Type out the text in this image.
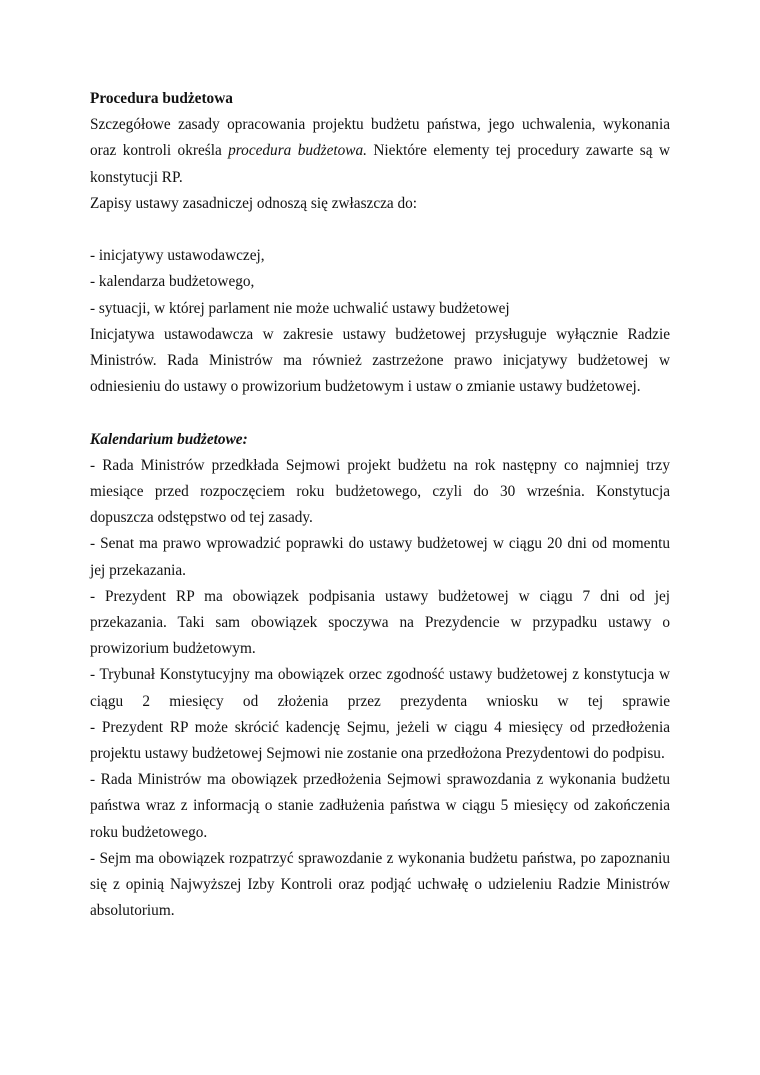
Procedura budżetowa

Szczegółowe zasady opracowania projektu budżetu państwa, jego uchwalenia, wykonania oraz kontroli określa procedura budżetowa. Niektóre elementy tej procedury zawarte są w konstytucji RP.

Zapisy ustawy zasadniczej odnoszą się zwłaszcza do:

- inicjatywy ustawodawczej,

- kalendarza budżetowego,

- sytuacji, w której parlament nie może uchwalić ustawy budżetowej

Inicjatywa ustawodawcza w zakresie ustawy budżetowej przysługuje wyłącznie Radzie Ministrów. Rada Ministrów ma również zastrzeżone prawo inicjatywy budżetowej w odniesieniu do ustawy o prowizorium budżetowym i ustaw o zmianie ustawy budżetowej.

Kalendarium budżetowe:

- Rada Ministrów przedkłada Sejmowi projekt budżetu na rok następny co najmniej trzy miesiące przed rozpoczęciem roku budżetowego, czyli do 30 września. Konstytucja dopuszcza odstępstwo od tej zasady.

- Senat ma prawo wprowadzić poprawki do ustawy budżetowej w ciągu 20 dni od momentu jej przekazania.

- Prezydent RP ma obowiązek podpisania ustawy budżetowej w ciągu 7 dni od jej przekazania. Taki sam obowiązek spoczywa na Prezydencie w przypadku ustawy o prowizorium budżetowym.

- Trybunał Konstytucyjny ma obowiązek orzec zgodność ustawy budżetowej z konstytucja w ciągu 2 miesięcy od złożenia przez prezydenta wniosku w tej sprawie

- Prezydent RP może skrócić kadencję Sejmu, jeżeli w ciągu 4 miesięcy od przedłożenia projektu ustawy budżetowej Sejmowi nie zostanie ona przedłożona Prezydentowi do podpisu.

- Rada Ministrów ma obowiązek przedłożenia Sejmowi sprawozdania z wykonania budżetu państwa wraz z informacją o stanie zadłużenia państwa w ciągu 5 miesięcy od zakończenia roku budżetowego.

- Sejm ma obowiązek rozpatrzyć sprawozdanie z wykonania budżetu państwa, po zapoznaniu się z opinią Najwyższej Izby Kontroli oraz podjąć uchwałę o udzieleniu Radzie Ministrów absolutorium.
